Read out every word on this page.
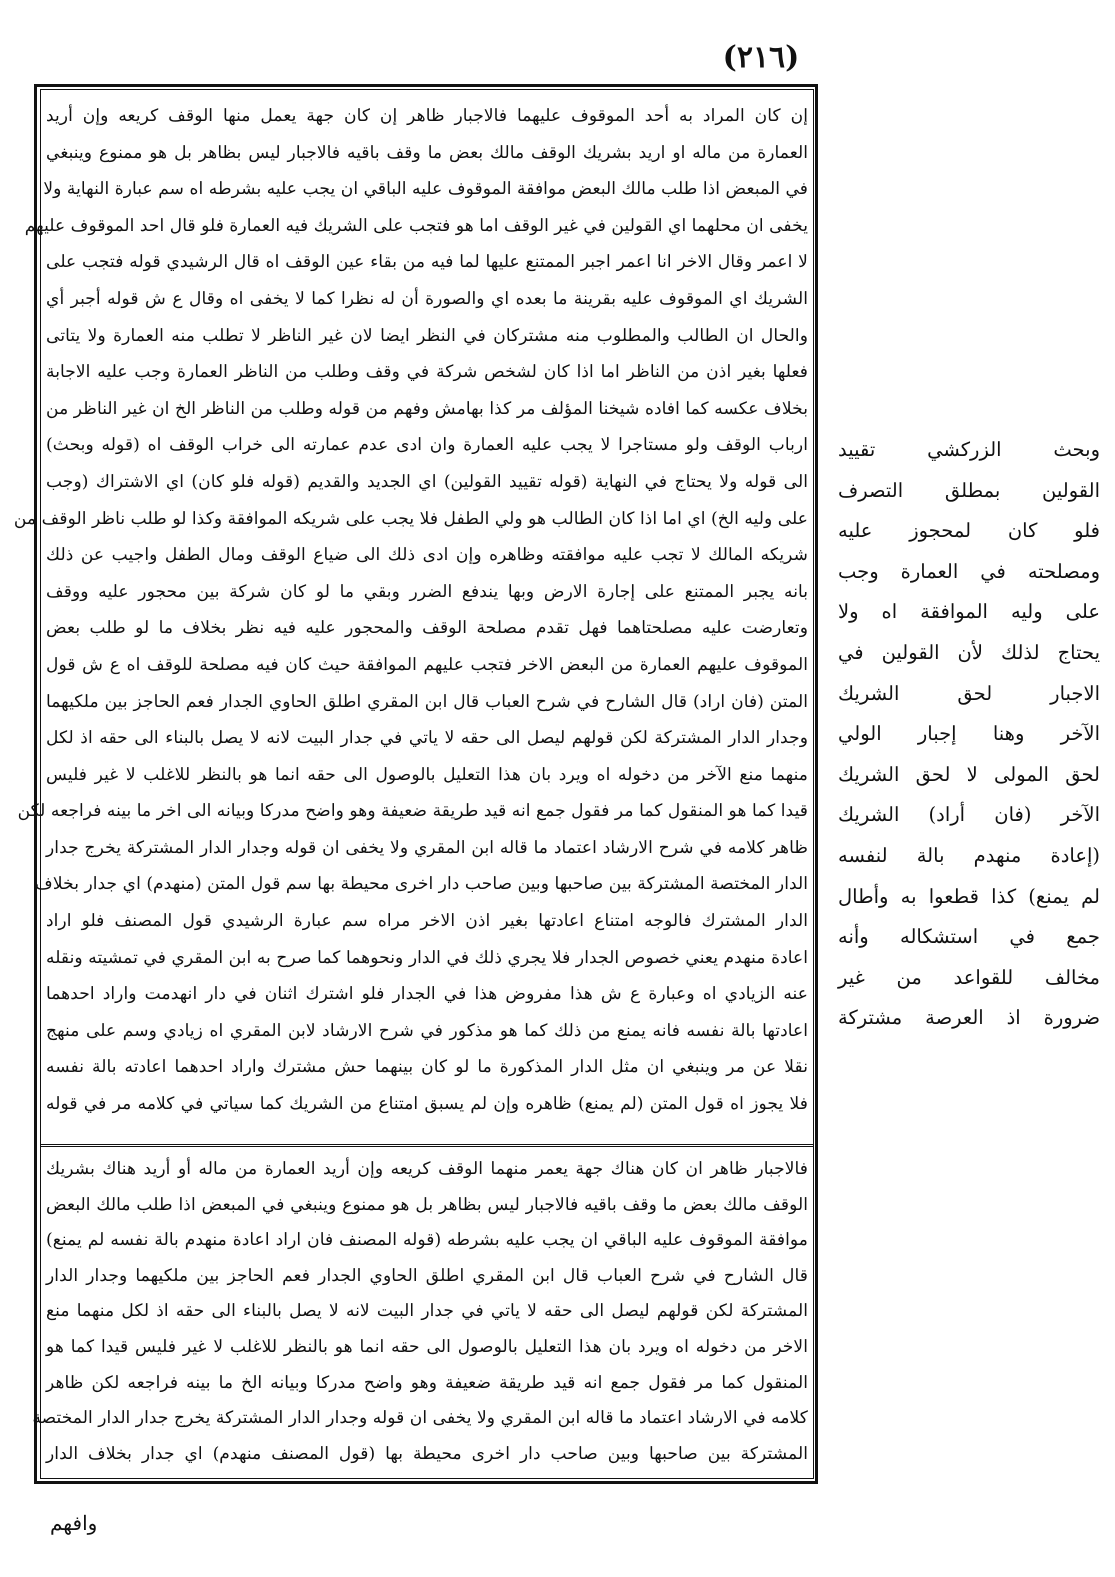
(٢١٦)
إن كان المراد به أحد الموقوف عليهما فالاجبار ظاهر إن كان جهة يعمل منها الوقف كريعه وإن أريد
العمارة من ماله او اريد بشريك الوقف مالك بعض ما وقف باقيه فالاجبار ليس بظاهر بل هو ممنوع وينبغي
في المبعض اذا طلب مالك البعض موافقة الموقوف عليه الباقي ان يجب عليه بشرطه اه سم عبارة النهاية ولا
يخفى ان محلهما اي القولين في غير الوقف اما هو فتجب على الشريك فيه العمارة فلو قال احد الموقوف عليهم
لا اعمر وقال الاخر انا اعمر اجبر الممتنع عليها لما فيه من بقاء عين الوقف اه قال الرشيدي قوله فتجب على
الشريك اي الموقوف عليه بقرينة ما بعده اي والصورة أن له نظرا كما لا يخفى اه وقال ع ش قوله أجبر أي
والحال ان الطالب والمطلوب منه مشتركان في النظر ايضا لان غير الناظر لا تطلب منه العمارة ولا يتاتى
فعلها بغير اذن من الناظر اما اذا كان لشخص شركة في وقف وطلب من الناظر العمارة وجب عليه الاجابة
بخلاف عكسه كما افاده شيخنا المؤلف مر كذا بهامش وفهم من قوله وطلب من الناظر الخ ان غير الناظر من
ارباب الوقف ولو مستاجرا لا يجب عليه العمارة وان ادى عدم عمارته الى خراب الوقف اه (قوله وبحث)
الى قوله ولا يحتاج في النهاية (قوله تقييد القولين) اي الجديد والقديم (قوله فلو كان) اي الاشتراك (وجب
على وليه الخ) اي اما اذا كان الطالب هو ولي الطفل فلا يجب على شريكه الموافقة وكذا لو طلب ناظر الوقف من
شريكه المالك لا تجب عليه موافقته وظاهره وإن ادى ذلك الى ضياع الوقف ومال الطفل واجيب عن ذلك
بانه يجبر الممتنع على إجارة الارض وبها يندفع الضرر وبقي ما لو كان شركة بين محجور عليه ووقف
وتعارضت عليه مصلحتاهما فهل تقدم مصلحة الوقف والمحجور عليه فيه نظر بخلاف ما لو طلب بعض
الموقوف عليهم العمارة من البعض الاخر فتجب عليهم الموافقة حيث كان فيه مصلحة للوقف اه ع ش قول
المتن (فان اراد) قال الشارح في شرح العباب قال ابن المقري اطلق الحاوي الجدار فعم الحاجز بين ملكيهما
وجدار الدار المشتركة لكن قولهم ليصل الى حقه لا ياتي في جدار البيت لانه لا يصل بالبناء الى حقه اذ لكل
منهما منع الآخر من دخوله اه ويرد بان هذا التعليل بالوصول الى حقه انما هو بالنظر للاغلب لا غير فليس
قيدا كما هو المنقول كما مر فقول جمع انه قيد طريقة ضعيفة وهو واضح مدركا وبيانه الى اخر ما بينه فراجعه لكن
ظاهر كلامه في شرح الارشاد اعتماد ما قاله ابن المقري ولا يخفى ان قوله وجدار الدار المشتركة يخرج جدار
الدار المختصة المشتركة بين صاحبها وبين صاحب دار اخرى محيطة بها سم قول المتن (منهدم) اي جدار بخلاف
الدار المشترك فالوجه امتناع اعادتها بغير اذن الاخر مراه سم عبارة الرشيدي قول المصنف فلو اراد
اعادة منهدم يعني خصوص الجدار فلا يجري ذلك في الدار ونحوهما كما صرح به ابن المقري في تمشيته ونقله
عنه الزيادي اه وعبارة ع ش هذا مفروض هذا في الجدار فلو اشترك اثنان في دار انهدمت واراد احدهما
اعادتها بالة نفسه فانه يمنع من ذلك كما هو مذكور في شرح الارشاد لابن المقري اه زيادي وسم على منهج
نقلا عن مر وينبغي ان مثل الدار المذكورة ما لو كان بينهما حش مشترك واراد احدهما اعادته بالة نفسه
فلا يجوز اه قول المتن (لم يمنع) ظاهره وإن لم يسبق امتناع من الشريك كما سياتي في كلامه مر في قوله
فالاجبار ظاهر ان كان هناك جهة يعمر منهما الوقف كريعه وإن أريد العمارة من ماله أو أريد هناك بشريك
الوقف مالك بعض ما وقف باقيه فالاجبار ليس بظاهر بل هو ممنوع وينبغي في المبعض اذا طلب مالك البعض
موافقة الموقوف عليه الباقي ان يجب عليه بشرطه (قوله المصنف فان اراد اعادة منهدم بالة نفسه لم يمنع)
قال الشارح في شرح العباب قال ابن المقري اطلق الحاوي الجدار فعم الحاجز بين ملكيهما وجدار الدار
المشتركة لكن قولهم ليصل الى حقه لا ياتي في جدار البيت لانه لا يصل بالبناء الى حقه اذ لكل منهما منع
الاخر من دخوله اه ويرد بان هذا التعليل بالوصول الى حقه انما هو بالنظر للاغلب لا غير فليس قيدا كما هو
المنقول كما مر فقول جمع انه قيد طريقة ضعيفة وهو واضح مدركا وبيانه الخ ما بينه فراجعه لكن ظاهر
كلامه في الارشاد اعتماد ما قاله ابن المقري ولا يخفى ان قوله وجدار الدار المشتركة يخرج جدار الدار المختصة
المشتركة بين صاحبها وبين صاحب دار اخرى محيطة بها (قول المصنف منهدم) اي جدار بخلاف الدار
وبحث الزركشي تقييد
القولين بمطلق التصرف
فلو كان لمحجوز عليه
ومصلحته في العمارة وجب
على وليه الموافقة اه ولا
يحتاج لذلك لأن القولين في
الاجبار لحق الشريك
الآخر وهنا إجبار الولي
لحق المولى لا لحق الشريك
الآخر (فان أراد) الشريك
(إعادة منهدم بالة لنفسه
لم يمنع) كذا قطعوا به وأطال
جمع في استشكاله وأنه
مخالف للقواعد من غير
ضرورة اذ العرصة مشتركة
وافهم
